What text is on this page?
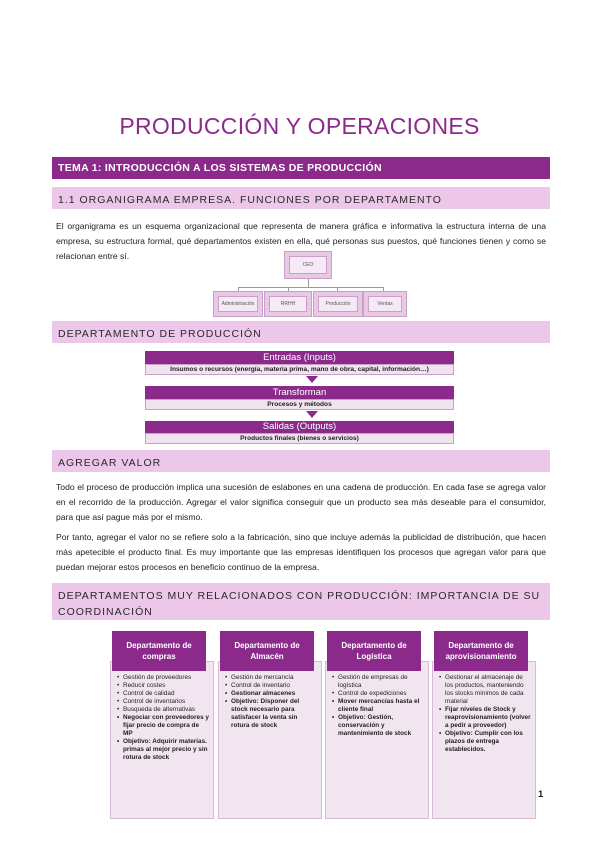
PRODUCCIÓN Y OPERACIONES
TEMA 1: INTRODUCCIÓN A LOS SISTEMAS DE PRODUCCIÓN
1.1 ORGANIGRAMA EMPRESA. FUNCIONES POR DEPARTAMENTO
El organigrama es un esquema organizacional que representa de manera gráfica e informativa la estructura interna de una empresa, su estructura formal, qué departamentos existen en ella, qué personas sus puestos, qué funciones tienen y como se relacionan entre sí.
CEO
Administración	RRHH	Producción	Ventas
DEPARTAMENTO DE PRODUCCIÓN
Entradas (Inputs)
Insumos o recursos (energía, materia prima, mano de obra, capital, información…)
Transforman
Procesos y métodos
Salidas (Outputs)
Productos finales (bienes o servicios)
AGREGAR VALOR
Todo el proceso de producción implica una sucesión de eslabones en una cadena de producción. En cada fase se agrega valor en el recorrido de la producción. Agregar el valor significa conseguir que un producto sea más deseable para el consumidor, para que así pague más por el mismo.
Por tanto, agregar el valor no se refiere solo a la fabricación, sino que incluye además la publicidad de distribución, que hacen más apetecible el producto final. Es muy importante que las empresas identifiquen los procesos que agregan valor para que puedan mejorar estos procesos en beneficio continuo de la empresa.
DEPARTAMENTOS MUY RELACIONADOS CON PRODUCCIÓN: IMPORTANCIA DE SU COORDINACIÓN
• Gestión de proveedores
• Reducir costes
• Control de calidad
• Control de inventarios
• Busqueda de alternativas
• Negociar con proveedores y fijar precio de compra de MP
• Objetivo: Adquirir materias. primas al mejor precio y sin rotura de stock
Departamento de compras
• Gestión de mercancía
• Control de inventario
• Gestionar almacenes
• Objetivo: Disponer del stock necesario para satisfacer la venta sin rotura de stock
Departamento de Almacén
• Gestión de empresas de logística
• Control de expediciones
• Mover mercancías hasta el cliente final
• Objetivo: Gestión, conservación y mantenimiento de stock
Departamento de Logística
• Gestionar el almacenaje de los productos, manteniendo los stocks mínimos de cada material
• Fijar niveles de Stock y reaprovisionamiento (volver a pedir a proveedor)
• Objetivo: Cumplir con los plazos de entrega establecidos.
Departamento de aprovisionamiento
1
